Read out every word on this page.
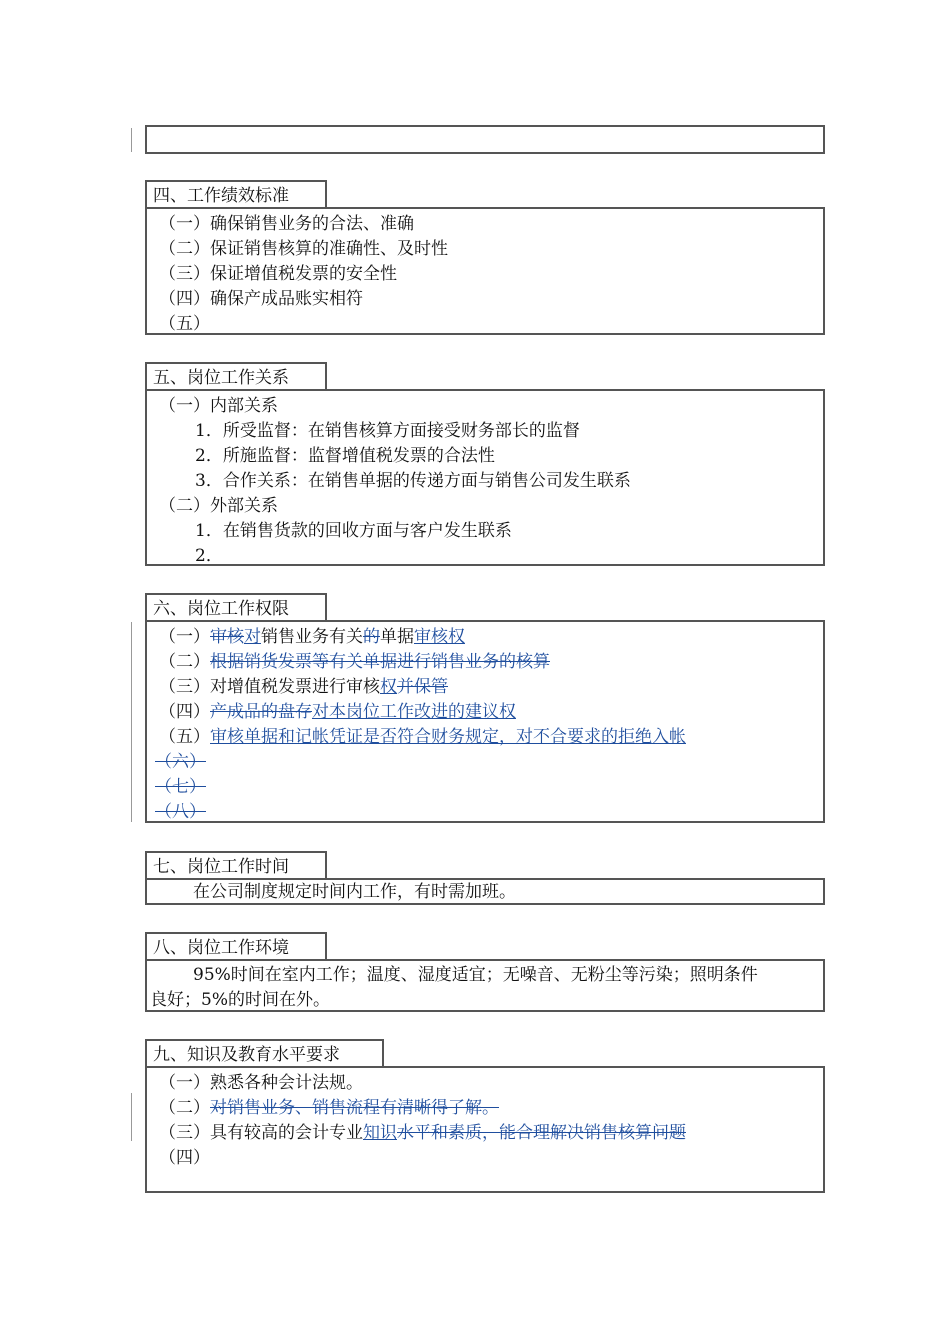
四、工作绩效标准
（一）确保销售业务的合法、准确
（二）保证销售核算的准确性、及时性
（三）保证增值税发票的安全性
（四）确保产成品账实相符
（五）
五、岗位工作关系
（一）内部关系
1．所受监督：在销售核算方面接受财务部长的监督
2．所施监督：监督增值税发票的合法性
3．合作关系：在销售单据的传递方面与销售公司发生联系
（二）外部关系
1．在销售货款的回收方面与客户发生联系
2．
六、岗位工作权限
（一）审核对销售业务有关的单据审核权
（二）根据销货发票等有关单据进行销售业务的核算
（三）对增值税发票进行审核权并保管
（四）产成品的盘存对本岗位工作改进的建议权
（五）审核单据和记帐凭证是否符合财务规定，对不合要求的拒绝入帐
（六）
（七）
（八）
七、岗位工作时间
在公司制度规定时间内工作，有时需加班。
八、岗位工作环境
95%时间在室内工作；温度、湿度适宜；无噪音、无粉尘等污染；照明条件
良好；5%的时间在外。
九、知识及教育水平要求
（一）熟悉各种会计法规。
（二）对销售业务、销售流程有清晰得了解。
（三）具有较高的会计专业知识水平和素质，能合理解决销售核算问题
（四）
